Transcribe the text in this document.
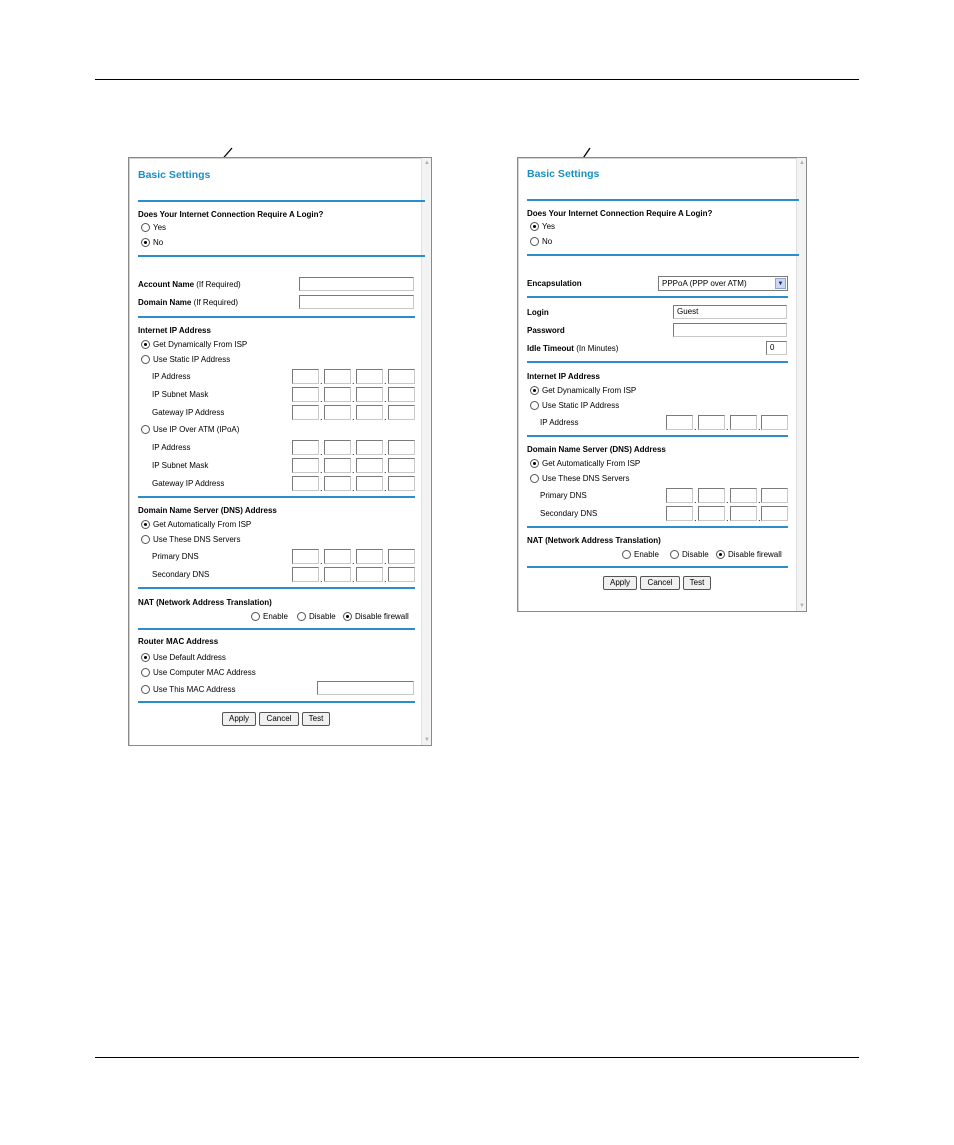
▲
▼
Basic Settings
Does Your Internet Connection Require A Login?
Yes
No
Account Name (If Required)
Domain Name (If Required)
Internet IP Address
Get Dynamically From ISP
Use Static IP Address
IP Address	.	.	.
IP Subnet Mask	.	.	.
Gateway IP Address	.	.	.
Use IP Over ATM (IPoA)
IP Address	.	.	.
IP Subnet Mask	.	.	.
Gateway IP Address	.	.	.
Domain Name Server (DNS) Address
Get Automatically From ISP
Use These DNS Servers
Primary DNS	.	.	.
Secondary DNS	.	.	.
NAT (Network Address Translation)
Enable	Disable Disable firewall
Router MAC Address
Use Default Address
Use Computer MAC Address
Use This MAC Address
Apply	Cancel	Test
▲
▼
Basic Settings
Does Your Internet Connection Require A Login?
Yes
No
Encapsulation	PPPoA (PPP over ATM)	▼
Login	Guest
Password
Idle Timeout (In Minutes)	0
Internet IP Address
Get Dynamically From ISP
Use Static IP Address
IP Address	.	.	.
Domain Name Server (DNS) Address
Get Automatically From ISP
Use These DNS Servers
Primary DNS	.	.	.
Secondary DNS	.	.	.
NAT (Network Address Translation)
Enable	Disable Disable firewall
Apply	Cancel	Test
